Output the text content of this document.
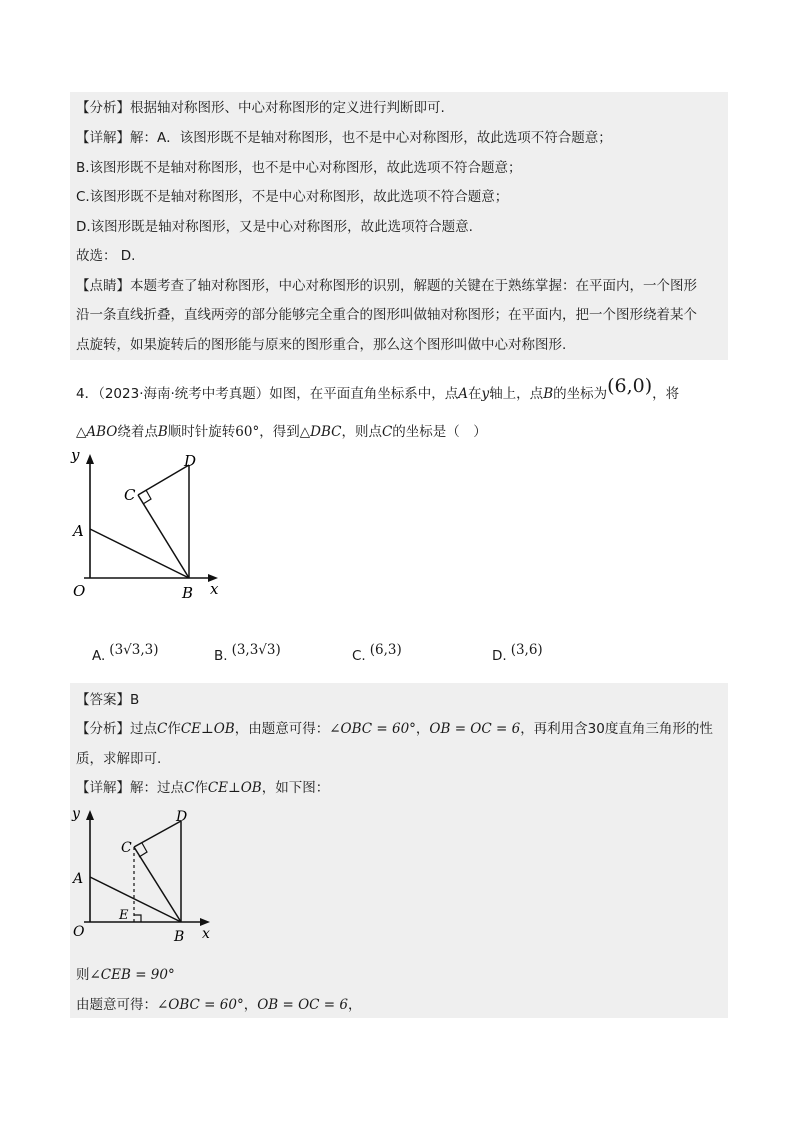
【分析】根据轴对称图形、中心对称图形的定义进行判断即可.
【详解】解：A．该图形既不是轴对称图形，也不是中心对称图形，故此选项不符合题意；
B.该图形既不是轴对称图形，也不是中心对称图形，故此选项不符合题意；
C.该图形既不是轴对称图形，不是中心对称图形，故此选项不符合题意；
D.该图形既是轴对称图形，又是中心对称图形，故此选项符合题意.
故选： D.
【点睛】本题考查了轴对称图形，中心对称图形的识别，解题的关键在于熟练掌握：在平面内，一个图形
沿一条直线折叠，直线两旁的部分能够完全重合的图形叫做轴对称图形；在平面内，把一个图形绕着某个
点旋转，如果旋转后的图形能与原来的图形重合，那么这个图形叫做中心对称图形.
4．（2023·海南·统考中考真题）如图，在平面直角坐标系中，点A在y轴上，点B的坐标为(6,0)，将
△ABO绕着点B顺时针旋转60°，得到△DBC，则点C的坐标是（　）
y
x
O
A
B
C
D
A. (3√3,3)	B. (3,3√3)	C. (6,3)	D. (3,6)
【答案】B
【分析】过点C作CE⊥OB，由题意可得：∠OBC = 60°，OB = OC = 6，再利用含30度直角三角形的性
质，求解即可.
【详解】解：过点C作CE⊥OB，如下图：
y
x
O
A
B
C
D
E
则∠CEB = 90°
由题意可得：∠OBC = 60°，OB = OC = 6，
